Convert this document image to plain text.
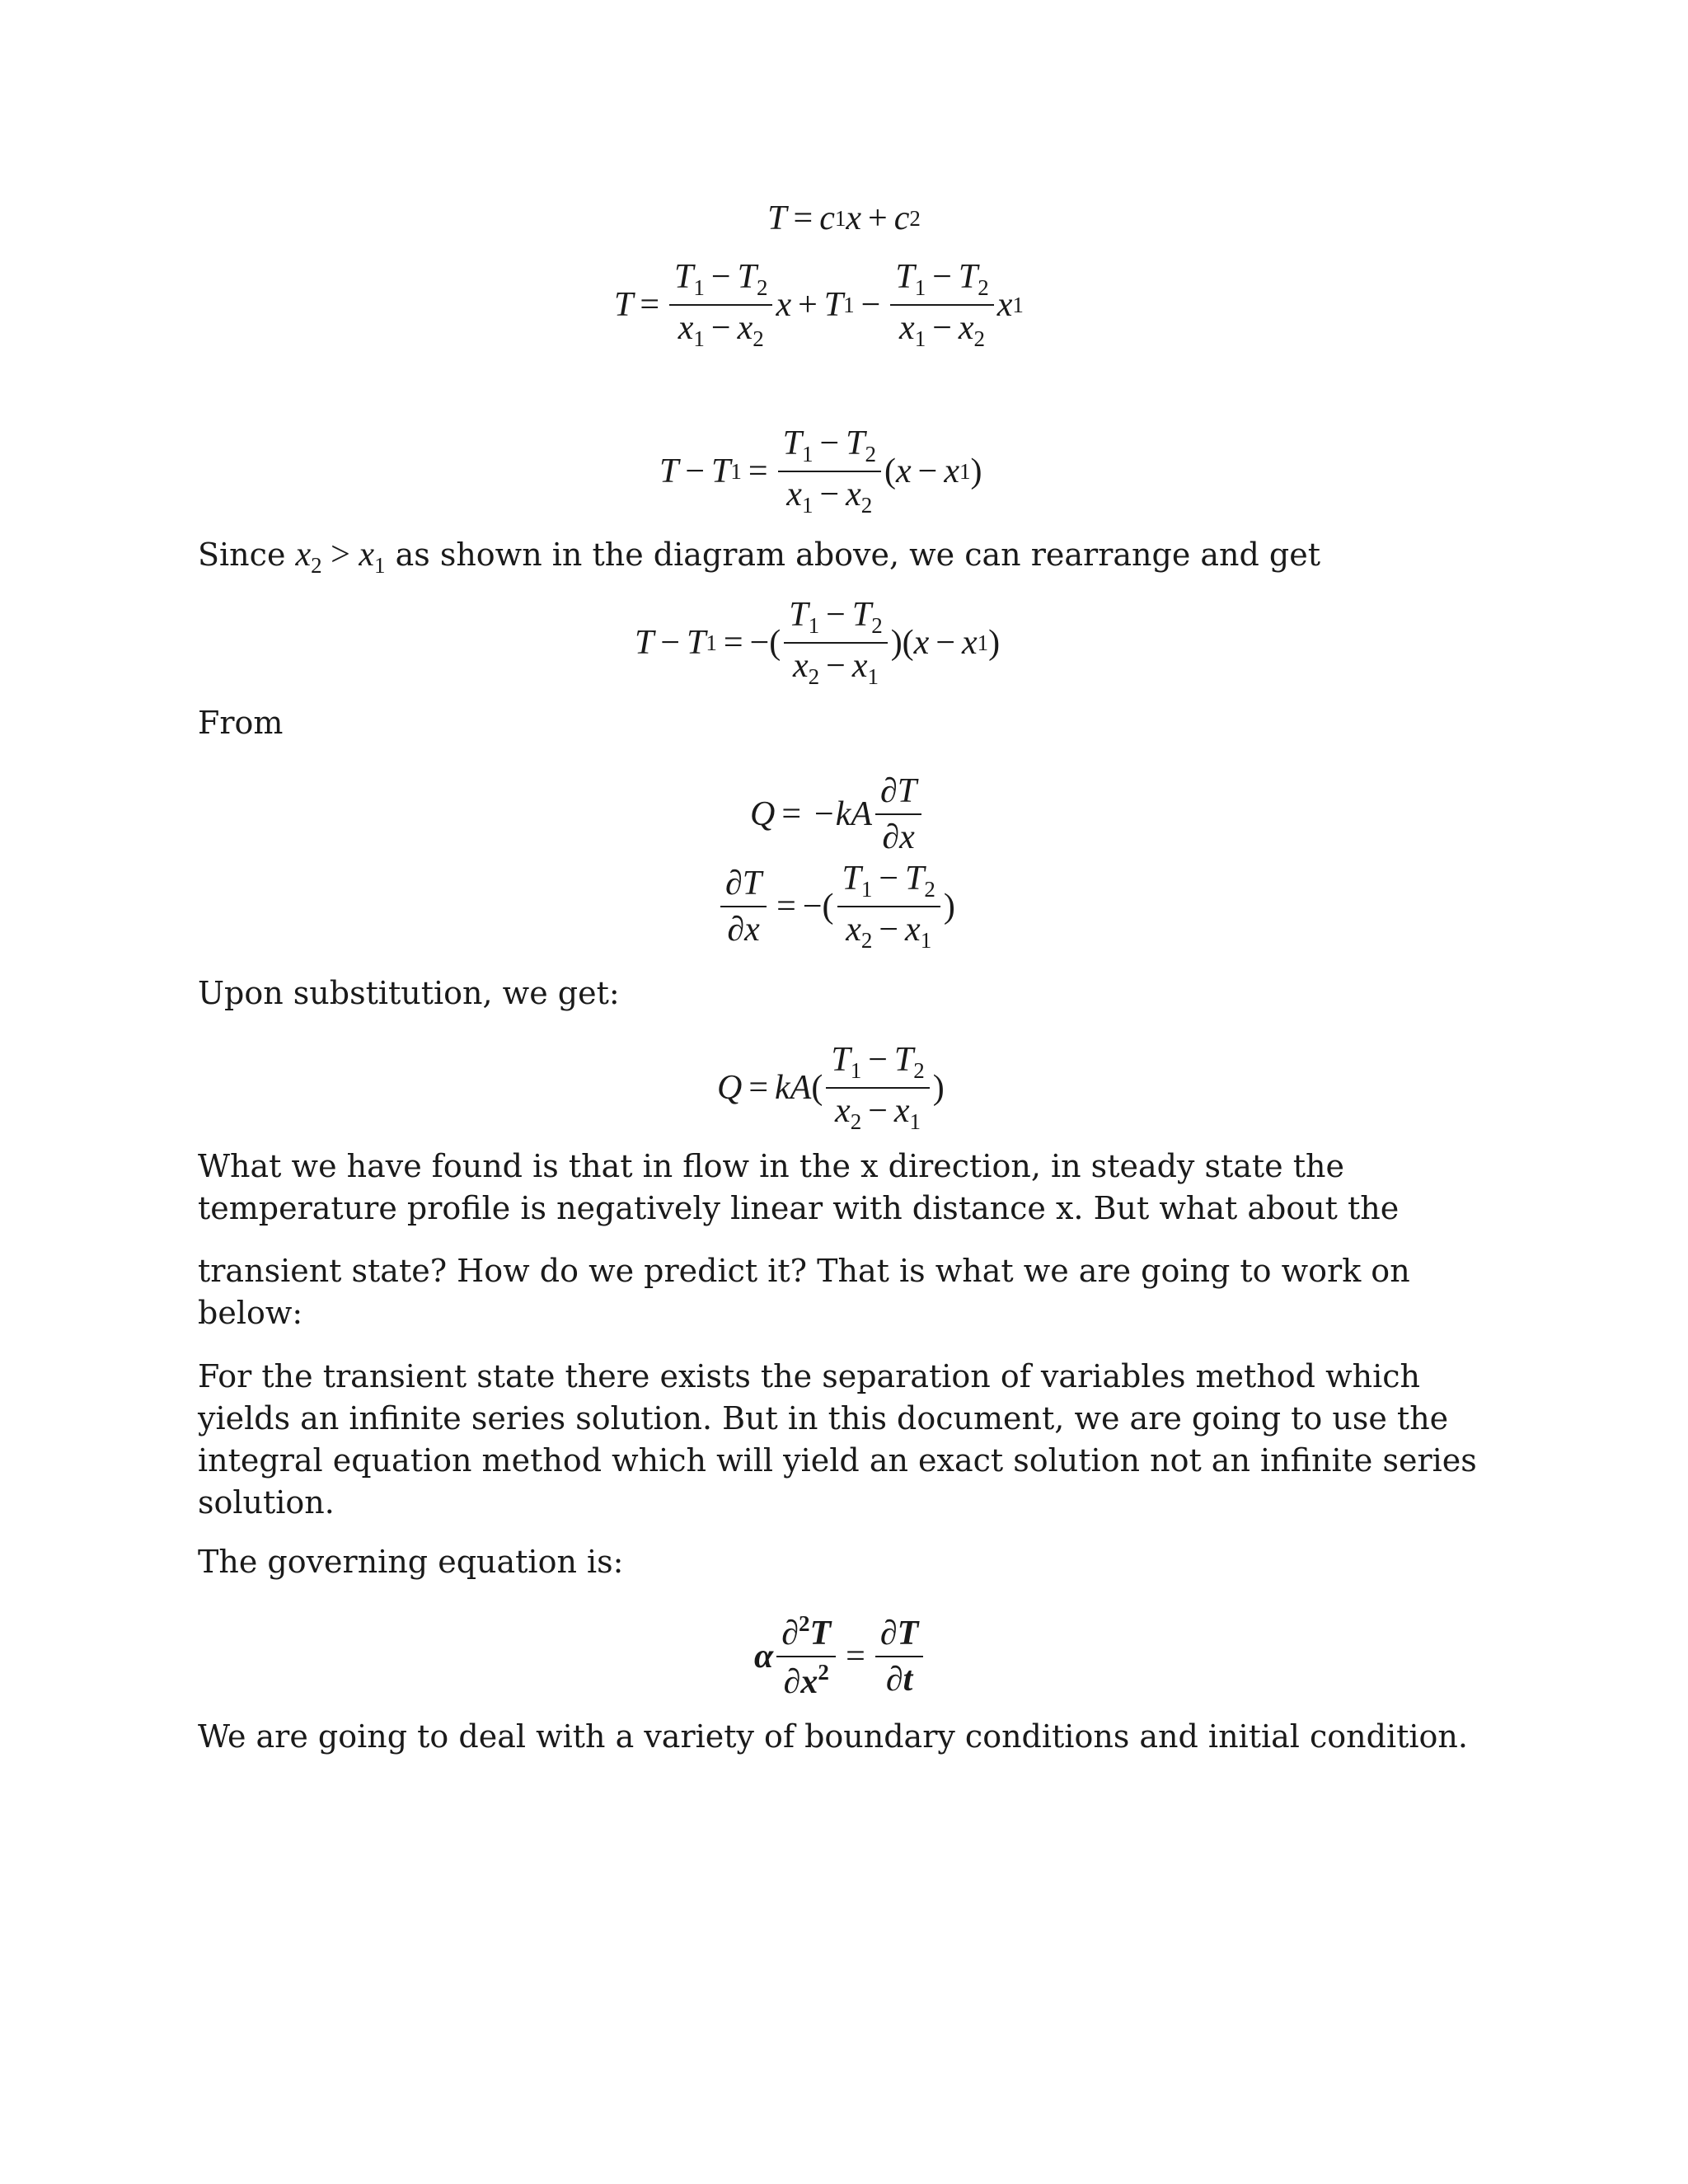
T = c 1 x + c 2
$T = \frac{T_1 - T_2}{x_1 - x_2}$ x + T $1 - \frac{T_1 - T_2}{x_1 - x_2}$ x 1
T − T $1 = \frac{T_1 - T_2}{x_1 - x_2}$ ( x − x 1 )

Since $x_2 > x_1$ as shown in the diagram above, we can rearrange and get

T − T 1 = −( $\frac{T_1 - T_2}{x_2 - x_1}$ )( x − x 1 )

From

Q = − kA $\frac{\partial T}{\partial x}$
$\frac{\partial T}{\partial x}$ = −( $\frac{T_1 - T_2}{x_2 - x_1}$ )

Upon substitution, we get:

Q = kA ( $\frac{T_1 - T_2}{x_2 - x_1}$ )

What we have found is that in flow in the x direction, in steady state the
temperature profile is negatively linear with distance x. But what about the

transient state? How do we predict it? That is what we are going to work on below:

For the transient state there exists the separation of variables method which yields an infinite series solution. But in this document, we are going to use the integral equation method which will yield an exact solution not an infinite series solution.

The governing equation is:

α $\frac{\partial^2T}{\partial x^2} = \frac{\partial T}{\partial t}$

We are going to deal with a variety of boundary conditions and initial condition.
